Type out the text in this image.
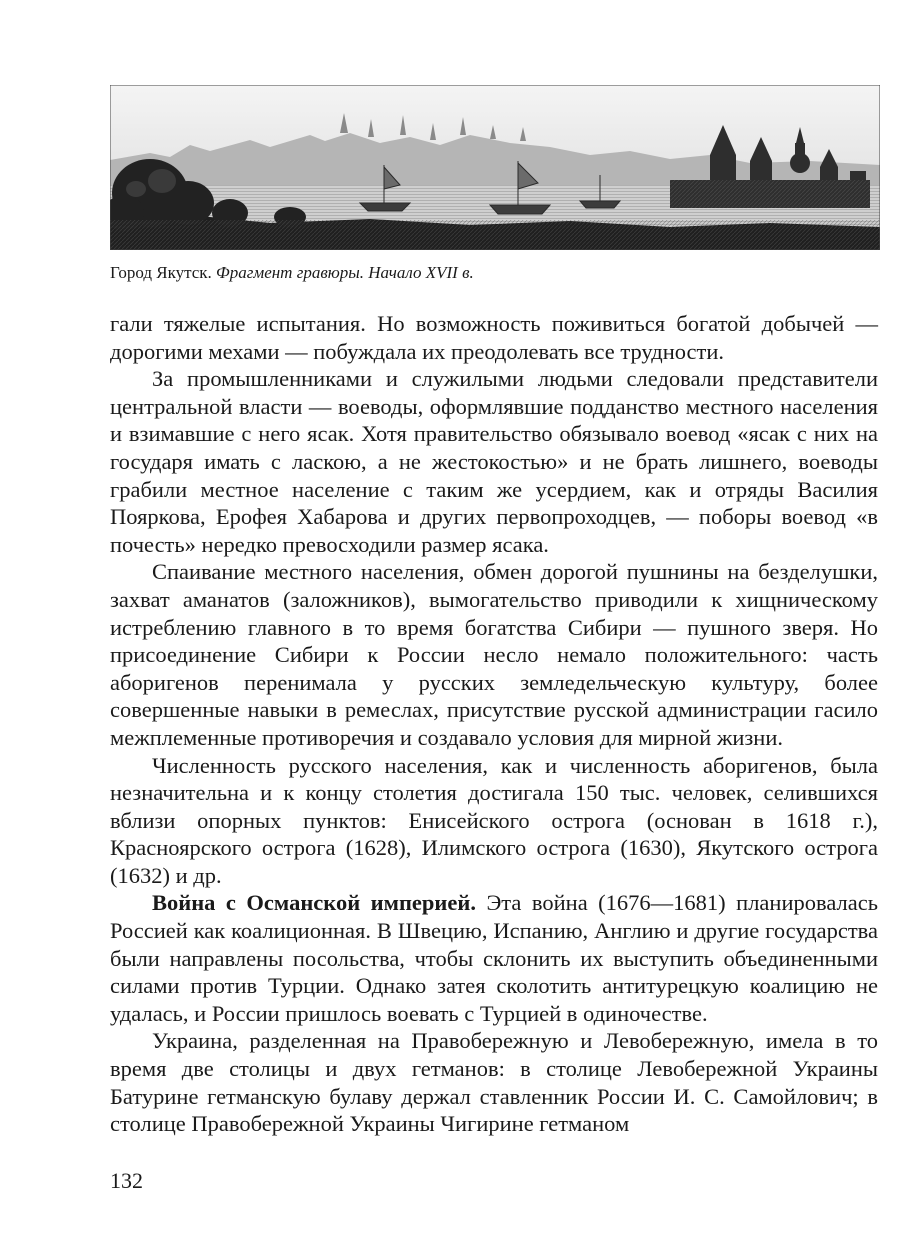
Город Якутск. Фрагмент гравюры. Начало XVII в.

гали тяжелые испытания. Но возможность поживиться богатой добычей — дорогими мехами — побуждала их преодолевать все трудности.

За промышленниками и служилыми людьми следовали представители центральной власти — воеводы, оформлявшие подданство местного населения и взимавшие с него ясак. Хотя правительство обязывало воевод «ясак с них на государя имать с ласкою, а не жестокостью» и не брать лишнего, воеводы грабили местное население с таким же усердием, как и отряды Василия Пояркова, Ерофея Хабарова и других первопроходцев, — поборы воевод «в почесть» нередко превосходили размер ясака.

Спаивание местного населения, обмен дорогой пушнины на безделушки, захват аманатов (заложников), вымогательство приводили к хищническому истреблению главного в то время богатства Сибири — пушного зверя. Но присоединение Сибири к России несло немало положительного: часть аборигенов перенимала у русских земледельческую культуру, более совершенные навыки в ремеслах, присутствие русской администрации гасило межплеменные противоречия и создавало условия для мирной жизни.

Численность русского населения, как и численность аборигенов, была незначительна и к концу столетия достигала 150 тыс. человек, селившихся вблизи опорных пунктов: Енисейского острога (основан в 1618 г.), Красноярского острога (1628), Илимского острога (1630), Якутского острога (1632) и др.

Война с Османской империей. Эта война (1676—1681) планировалась Россией как коалиционная. В Швецию, Испанию, Англию и другие государства были направлены посольства, чтобы склонить их выступить объединенными силами против Турции. Однако затея сколотить антитурецкую коалицию не удалась, и России пришлось воевать с Турцией в одиночестве.

Украина, разделенная на Правобережную и Левобережную, имела в то время две столицы и двух гетманов: в столице Левобережной Украины Батурине гетманскую булаву держал ставленник России И. С. Самойлович; в столице Правобережной Украины Чигирине гетманом

132
